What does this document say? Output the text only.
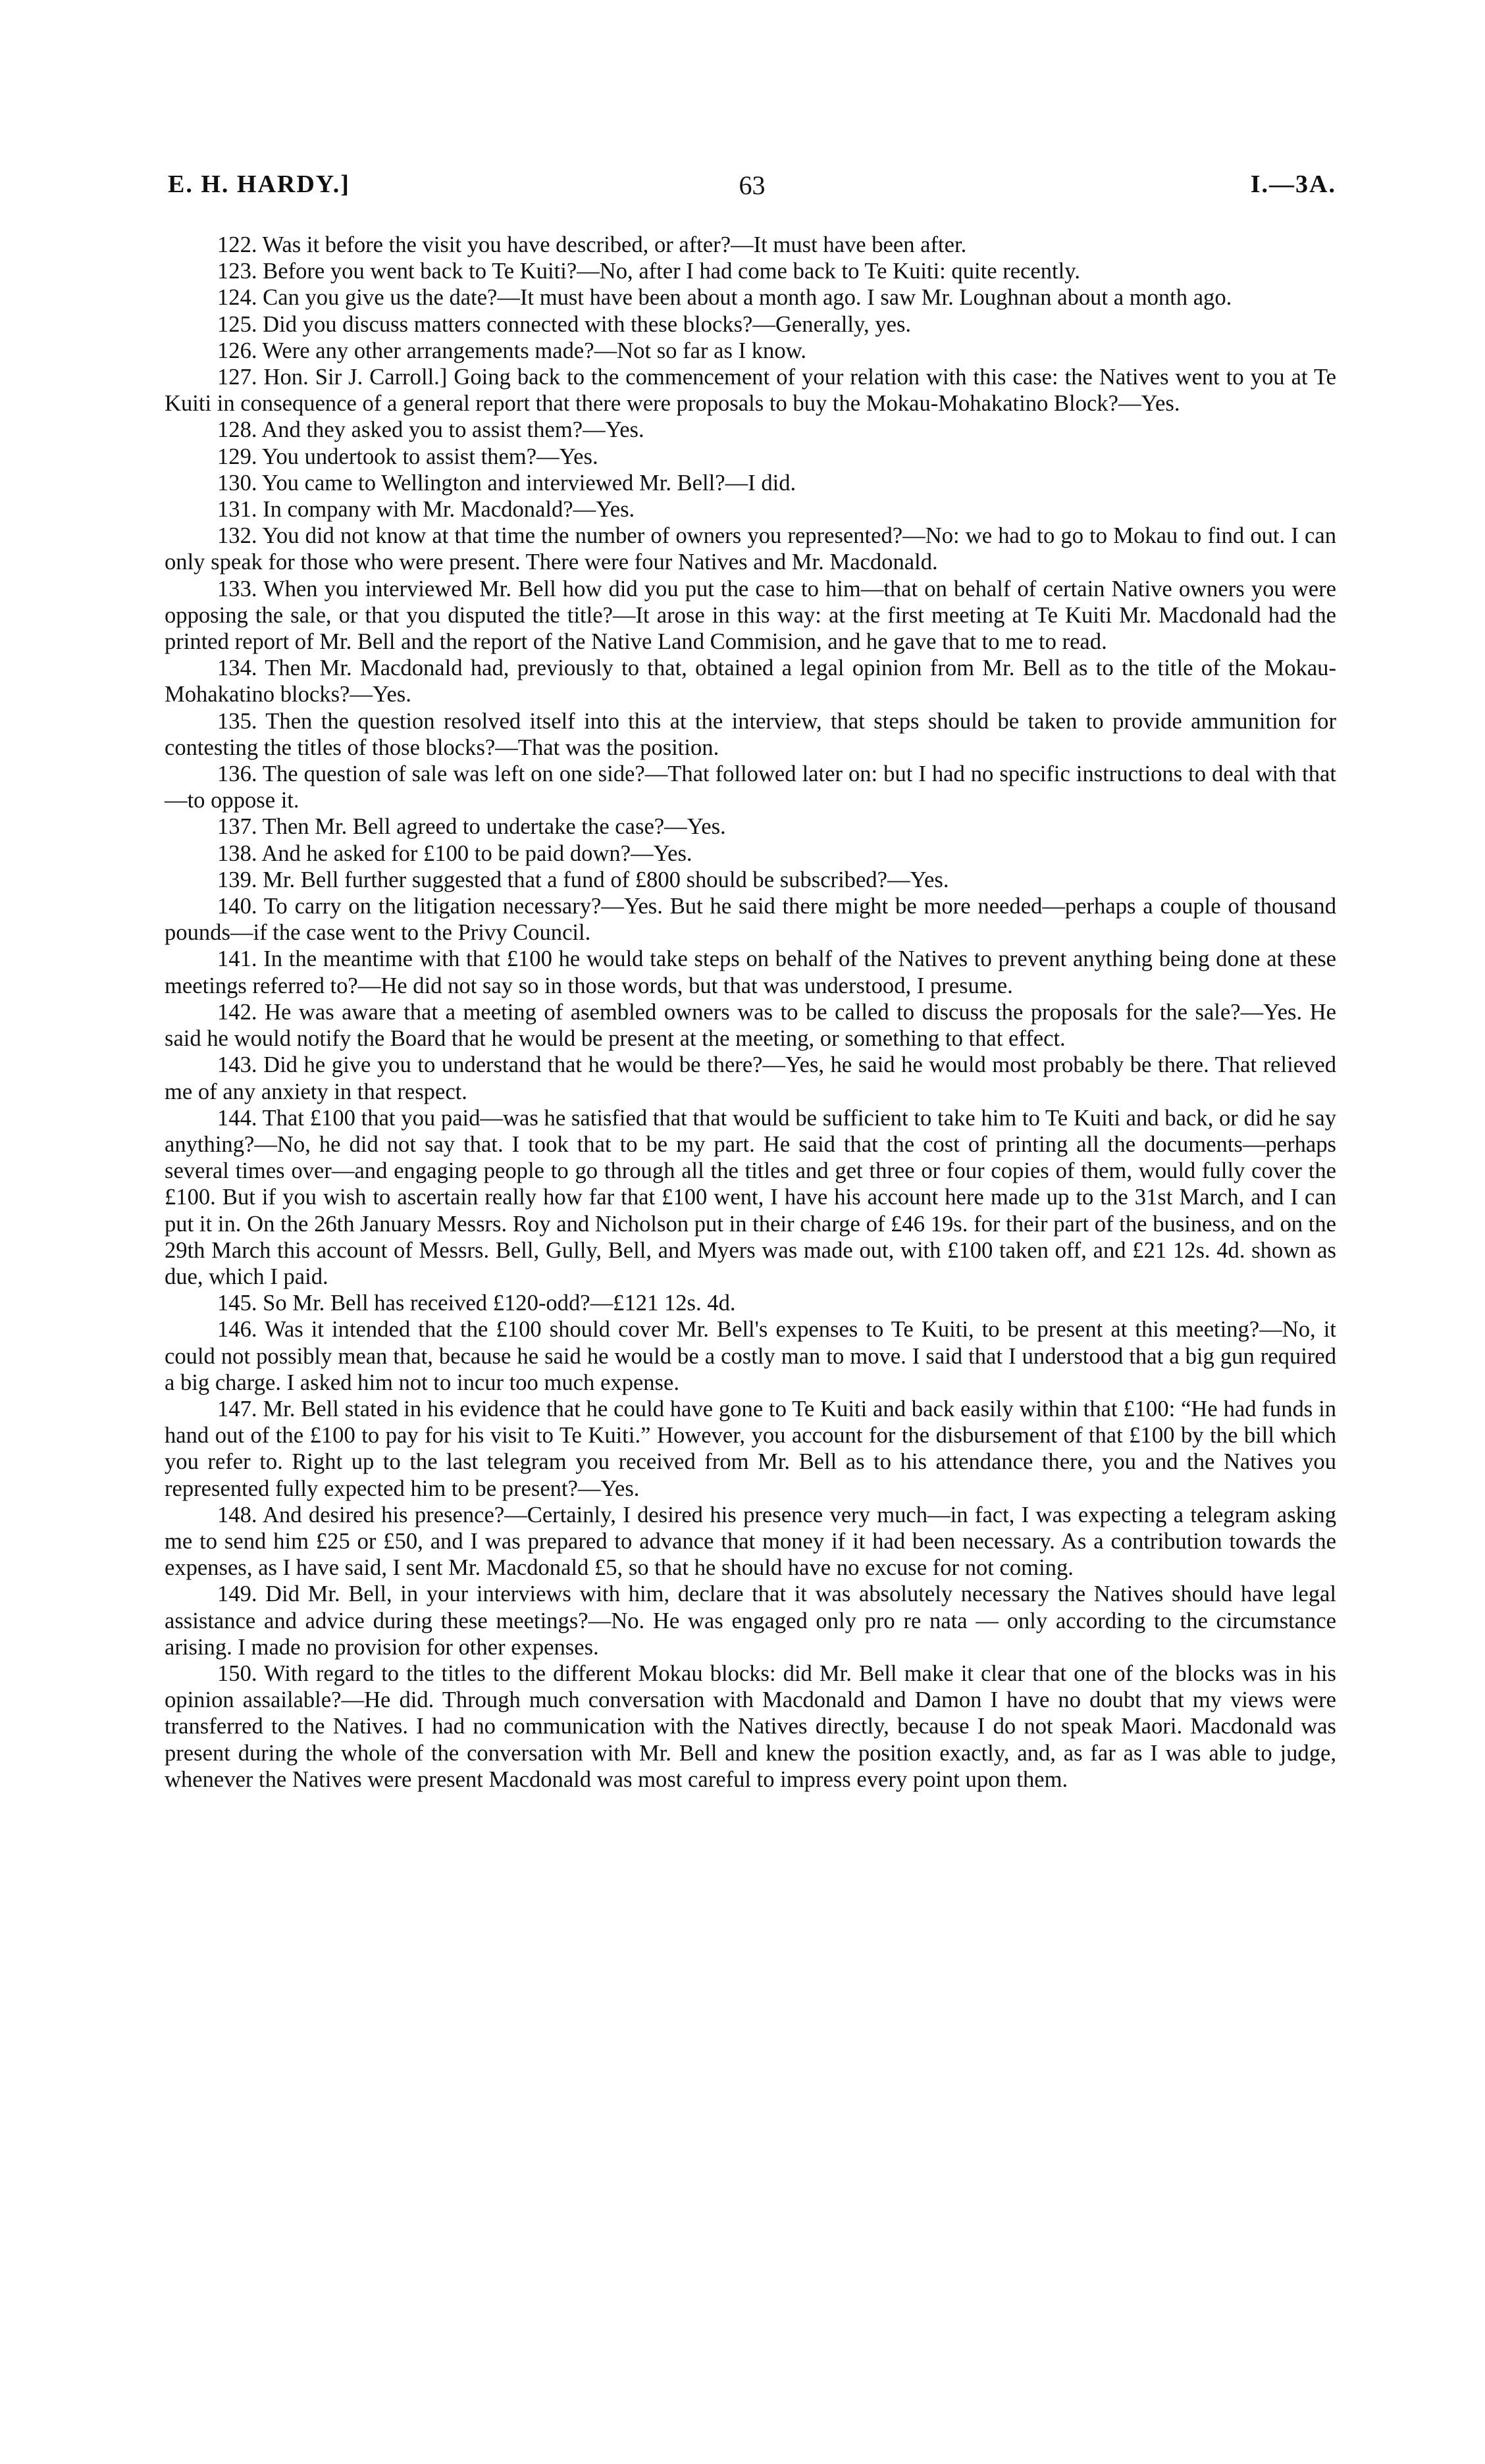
E. H. HARDY.]	63	I.—3A.

122. Was it before the visit you have described, or after?—It must have been after.

123. Before you went back to Te Kuiti?—No, after I had come back to Te Kuiti: quite recently.

124. Can you give us the date?—It must have been about a month ago. I saw Mr. Loughnan about a month ago.

125. Did you discuss matters connected with these blocks?—Generally, yes.

126. Were any other arrangements made?—Not so far as I know.

127. Hon. Sir J. Carroll.] Going back to the commencement of your relation with this case: the Natives went to you at Te Kuiti in consequence of a general report that there were proposals to buy the Mokau-Mohakatino Block?—Yes.

128. And they asked you to assist them?—Yes.

129. You undertook to assist them?—Yes.

130. You came to Wellington and interviewed Mr. Bell?—I did.

131. In company with Mr. Macdonald?—Yes.

132. You did not know at that time the number of owners you represented?—No: we had to go to Mokau to find out. I can only speak for those who were present. There were four Natives and Mr. Macdonald.

133. When you interviewed Mr. Bell how did you put the case to him—that on behalf of certain Native owners you were opposing the sale, or that you disputed the title?—It arose in this way: at the first meeting at Te Kuiti Mr. Macdonald had the printed report of Mr. Bell and the report of the Native Land Commision, and he gave that to me to read.

134. Then Mr. Macdonald had, previously to that, obtained a legal opinion from Mr. Bell as to the title of the Mokau-Mohakatino blocks?—Yes.

135. Then the question resolved itself into this at the interview, that steps should be taken to provide ammunition for contesting the titles of those blocks?—That was the position.

136. The question of sale was left on one side?—That followed later on: but I had no specific instructions to deal with that—to oppose it.

137. Then Mr. Bell agreed to undertake the case?—Yes.

138. And he asked for £100 to be paid down?—Yes.

139. Mr. Bell further suggested that a fund of £800 should be subscribed?—Yes.

140. To carry on the litigation necessary?—Yes. But he said there might be more needed—perhaps a couple of thousand pounds—if the case went to the Privy Council.

141. In the meantime with that £100 he would take steps on behalf of the Natives to prevent anything being done at these meetings referred to?—He did not say so in those words, but that was understood, I presume.

142. He was aware that a meeting of asembled owners was to be called to discuss the proposals for the sale?—Yes. He said he would notify the Board that he would be present at the meeting, or something to that effect.

143. Did he give you to understand that he would be there?—Yes, he said he would most probably be there. That relieved me of any anxiety in that respect.

144. That £100 that you paid—was he satisfied that that would be sufficient to take him to Te Kuiti and back, or did he say anything?—No, he did not say that. I took that to be my part. He said that the cost of printing all the documents—perhaps several times over—and engaging people to go through all the titles and get three or four copies of them, would fully cover the £100. But if you wish to ascertain really how far that £100 went, I have his account here made up to the 31st March, and I can put it in. On the 26th January Messrs. Roy and Nicholson put in their charge of £46 19s. for their part of the business, and on the 29th March this account of Messrs. Bell, Gully, Bell, and Myers was made out, with £100 taken off, and £21 12s. 4d. shown as due, which I paid.

145. So Mr. Bell has received £120-odd?—£121 12s. 4d.

146. Was it intended that the £100 should cover Mr. Bell's expenses to Te Kuiti, to be present at this meeting?—No, it could not possibly mean that, because he said he would be a costly man to move. I said that I understood that a big gun required a big charge. I asked him not to incur too much expense.

147. Mr. Bell stated in his evidence that he could have gone to Te Kuiti and back easily within that £100: “He had funds in hand out of the £100 to pay for his visit to Te Kuiti.” However, you account for the disbursement of that £100 by the bill which you refer to. Right up to the last telegram you received from Mr. Bell as to his attendance there, you and the Natives you represented fully expected him to be present?—Yes.

148. And desired his presence?—Certainly, I desired his presence very much—in fact, I was expecting a telegram asking me to send him £25 or £50, and I was prepared to advance that money if it had been necessary. As a contribution towards the expenses, as I have said, I sent Mr. Macdonald £5, so that he should have no excuse for not coming.

149. Did Mr. Bell, in your interviews with him, declare that it was absolutely necessary the Natives should have legal assistance and advice during these meetings?—No. He was engaged only pro re nata — only according to the circumstance arising. I made no provision for other expenses.

150. With regard to the titles to the different Mokau blocks: did Mr. Bell make it clear that one of the blocks was in his opinion assailable?—He did. Through much conversation with Macdonald and Damon I have no doubt that my views were transferred to the Natives. I had no communication with the Natives directly, because I do not speak Maori. Macdonald was present during the whole of the conversation with Mr. Bell and knew the position exactly, and, as far as I was able to judge, whenever the Natives were present Macdonald was most careful to impress every point upon them.
